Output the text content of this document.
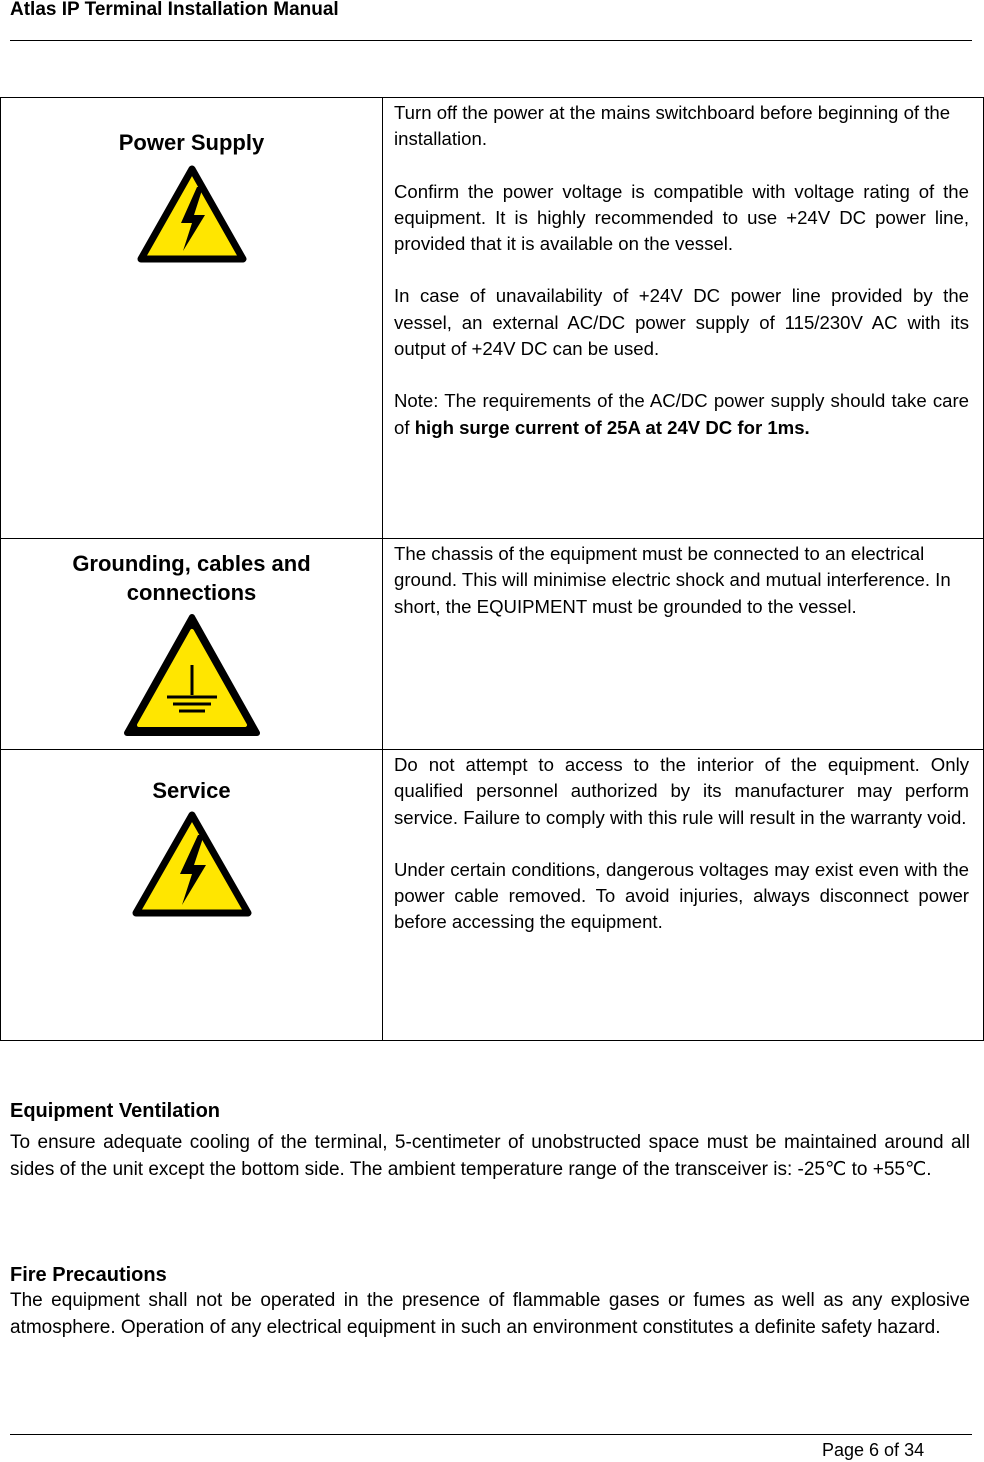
Atlas IP Terminal Installation Manual
Power Supply	Turn off the power at the mains switchboard before beginning of the installation.

Confirm the power voltage is compatible with voltage rating of the equipment. It is highly recommended to use +24V DC power line, provided that it is available on the vessel.

In case of unavailability of +24V DC power line provided by the vessel, an external AC/DC power supply of 115/230V AC with its output of +24V DC can be used.

Note: The requirements of the AC/DC power supply should take care of high surge current of 25A at 24V DC for 1ms.

Grounding, cables and connections	The chassis of the equipment must be connected to an electrical ground. This will minimise electric shock and mutual interference. In short, the EQUIPMENT must be grounded to the vessel.

Service	Do not attempt to access to the interior of the equipment. Only qualified personnel authorized by its manufacturer may perform service. Failure to comply with this rule will result in the warranty void.

Under certain conditions, dangerous voltages may exist even with the power cable removed. To avoid injuries, always disconnect power before accessing the equipment.

Equipment Ventilation

To ensure adequate cooling of the terminal, 5-centimeter of unobstructed space must be maintained around all sides of the unit except the bottom side. The ambient temperature range of the transceiver is: -25℃ to +55℃.

Fire Precautions

The equipment shall not be operated in the presence of flammable gases or fumes as well as any explosive atmosphere. Operation of any electrical equipment in such an environment constitutes a definite safety hazard.

Page 6 of 34
